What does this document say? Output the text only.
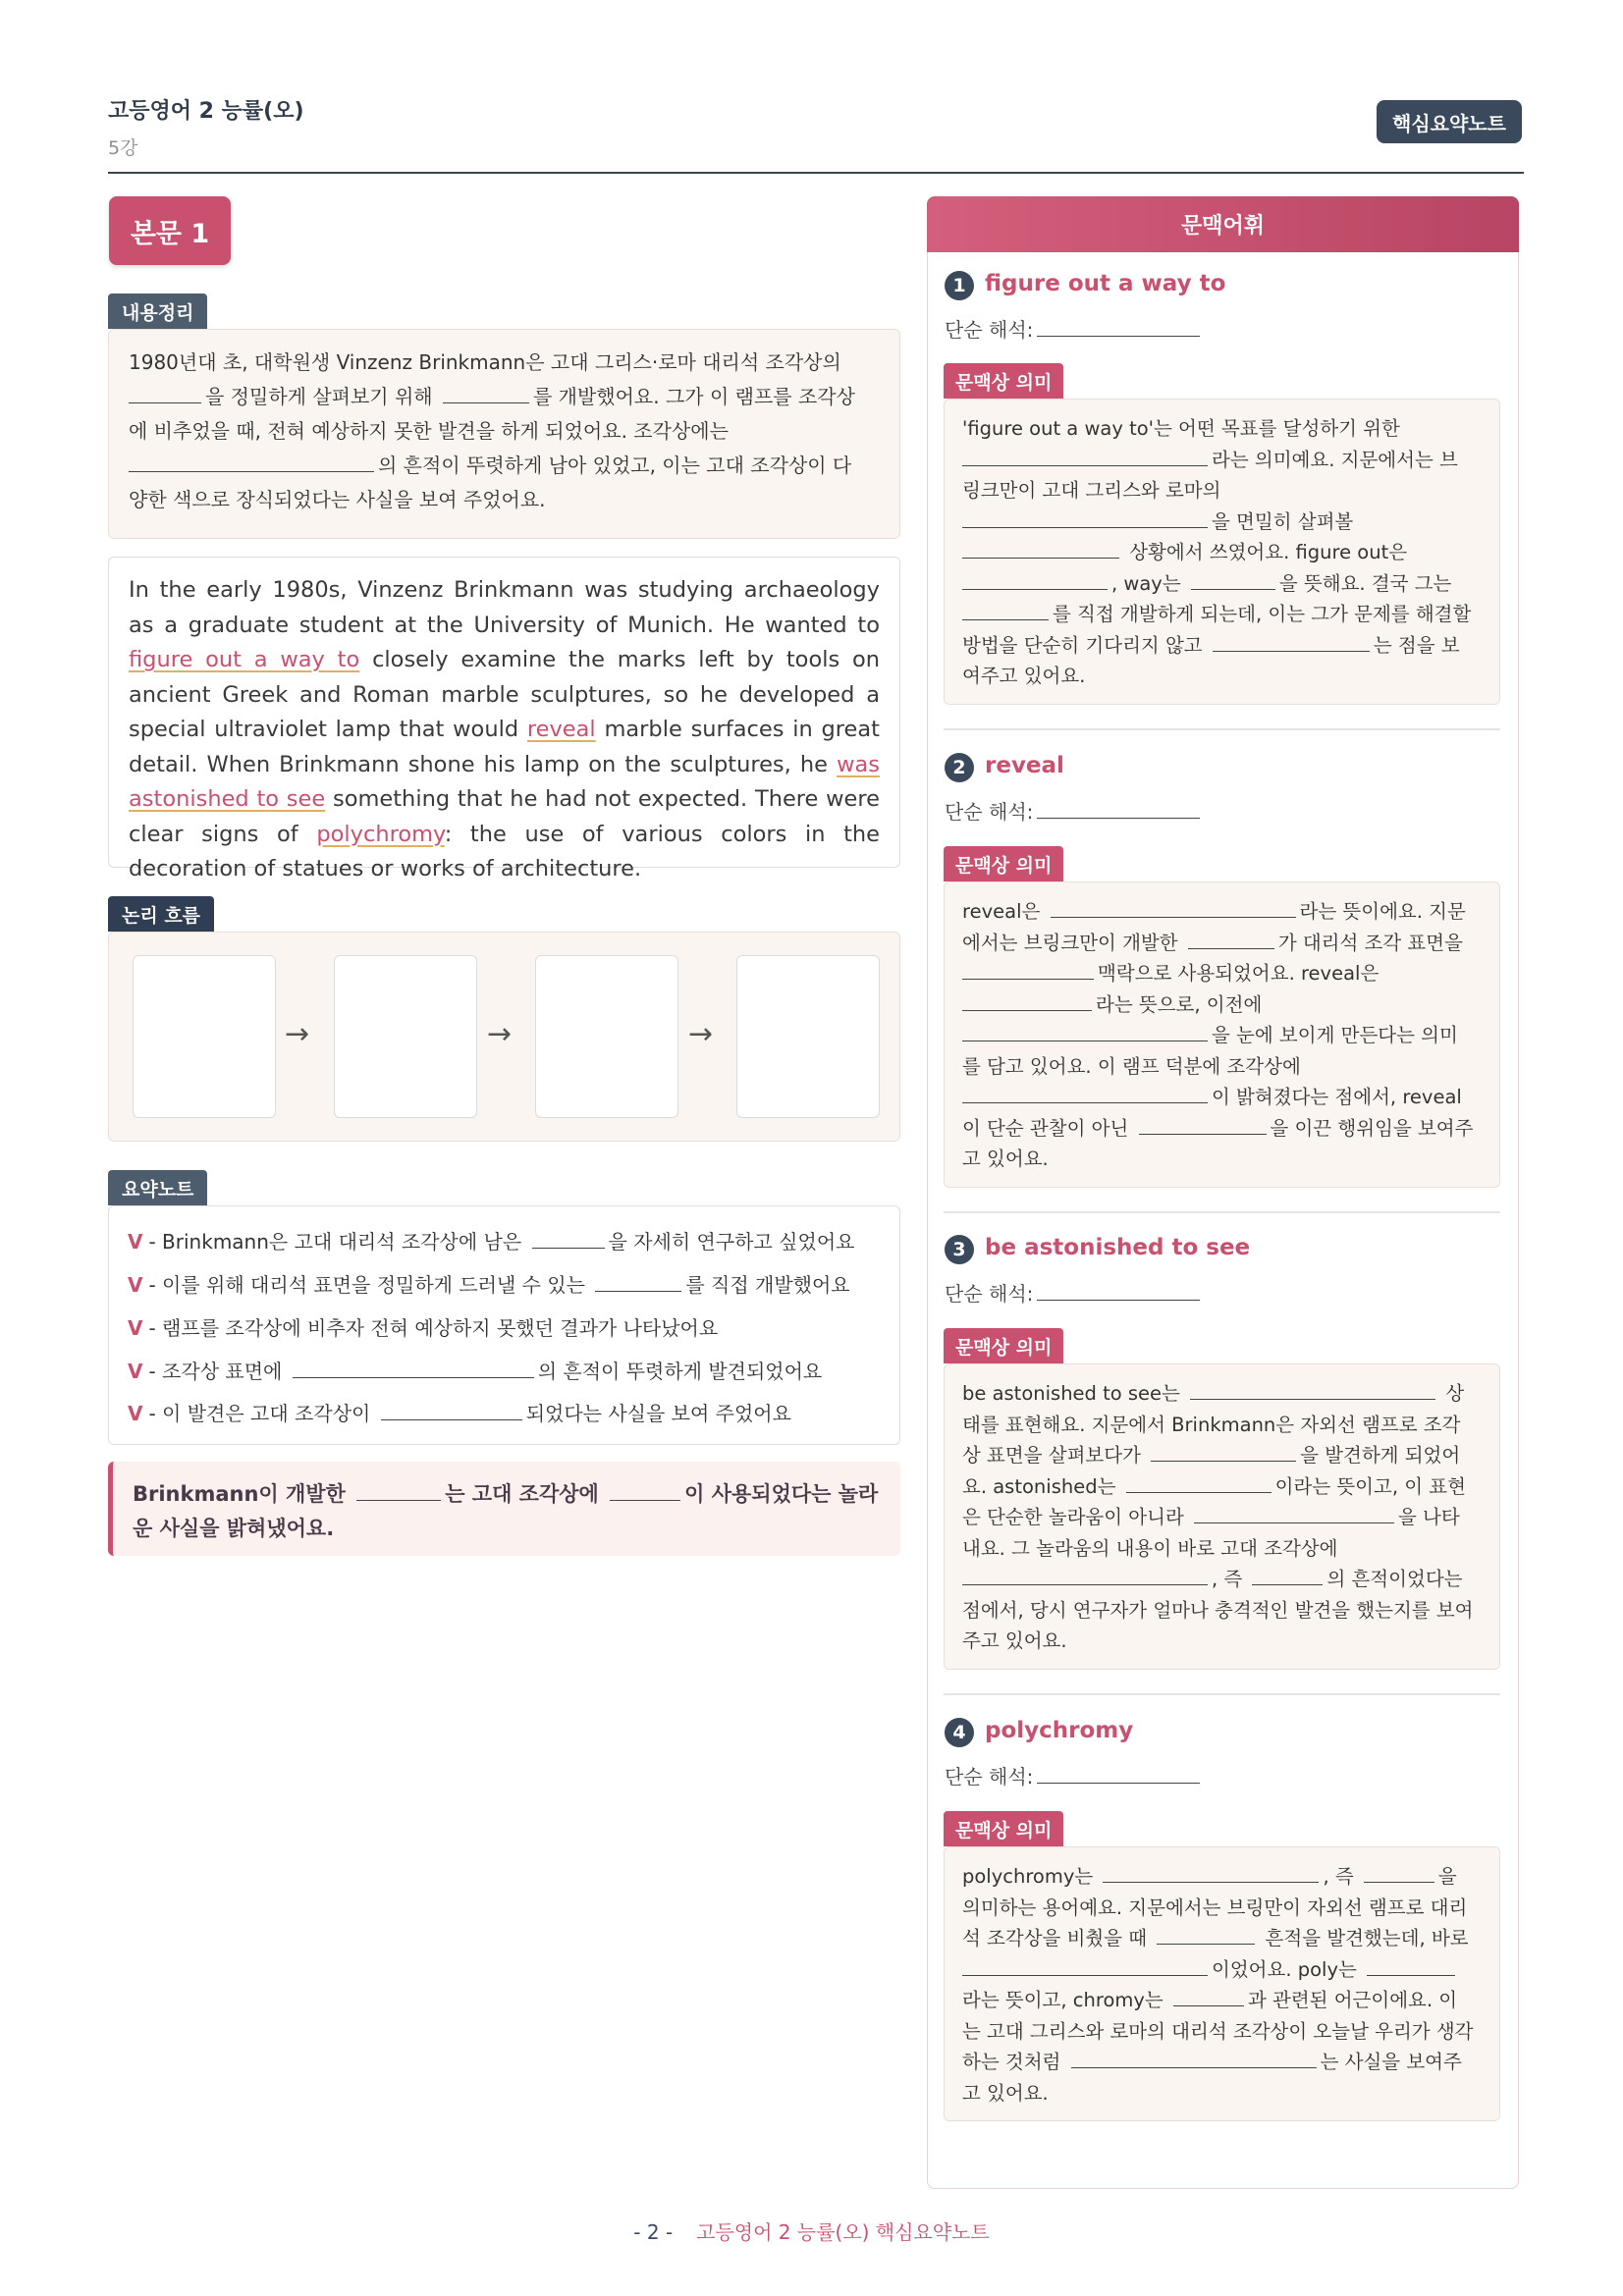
고등영어 2 능률(오)
5강
핵심요약노트
본문 1
내용정리
1980년대 초, 대학원생 Vinzenz Brinkmann은 고대 그리스·로마 대리석 조각상의
을 정밀하게 살펴보기 위해	를 개발했어요. 그가 이 램프를 조각상
에 비추었을 때, 전혀 예상하지 못한 발견을 하게 되었어요. 조각상에는
의 흔적이 뚜렷하게 남아 있었고, 이는 고대 조각상이 다
양한 색으로 장식되었다는 사실을 보여 주었어요.

In the early 1980s, Vinzenz Brinkmann was studying archaeology as a graduate student at the University of Munich. He wanted to figure out a way to closely examine the marks left by tools on ancient Greek and Roman marble sculptures, so he developed a special ultraviolet lamp that would reveal marble surfaces in great detail. When Brinkmann shone his lamp on the sculptures, he was astonished to see something that he had not expected. There were clear signs of polychromy: the use of various colors in the decoration of statues or works of architecture.

논리 흐름
→	→	→
요약노트
V - Brinkmann은 고대 대리석 조각상에 남은	을 자세히 연구하고 싶었어요
V - 이를 위해 대리석 표면을 정밀하게 드러낼 수 있는	를 직접 개발했어요
V - 램프를 조각상에 비추자 전혀 예상하지 못했던 결과가 나타났어요
V - 조각상 표면에	의 흔적이 뚜렷하게 발견되었어요
V - 이 발견은 고대 조각상이	되었다는 사실을 보여 주었어요
Brinkmann이 개발한	는 고대 조각상에	이 사용되었다는 놀라
운 사실을 밝혀냈어요.
문맥어휘
1 figure out a way to
단순 해석:
문맥상 의미
'figure out a way to'는 어떤 목표를 달성하기 위한
라는 의미예요. 지문에서는 브
링크만이 고대 그리스와 로마의
을 면밀히 살펴볼
상황에서 쓰였어요. figure out은
, way는	을 뜻해요. 결국 그는
를 직접 개발하게 되는데, 이는 그가 문제를 해결할
방법을 단순히 기다리지 않고	는 점을 보
여주고 있어요.
2 reveal
단순 해석:
문맥상 의미
reveal은	라는 뜻이에요. 지문
에서는 브링크만이 개발한	가 대리석 조각 표면을
맥락으로 사용되었어요. reveal은
라는 뜻으로, 이전에
을 눈에 보이게 만든다는 의미
를 담고 있어요. 이 램프 덕분에 조각상에
이 밝혀졌다는 점에서, reveal
이 단순 관찰이 아닌	을 이끈 행위임을 보여주
고 있어요.
3 be astonished to see
단순 해석:
문맥상 의미
be astonished to see는	상
태를 표현해요. 지문에서 Brinkmann은 자외선 램프로 조각
상 표면을 살펴보다가	을 발견하게 되었어
요. astonished는	이라는 뜻이고, 이 표현
은 단순한 놀라움이 아니라	을 나타
내요. 그 놀라움의 내용이 바로 고대 조각상에
, 즉	의 흔적이었다는
점에서, 당시 연구자가 얼마나 충격적인 발견을 했는지를 보여
주고 있어요.
4 polychromy
단순 해석:
문맥상 의미
polychromy는	, 즉	을
의미하는 용어예요. 지문에서는 브링만이 자외선 램프로 대리
석 조각상을 비췄을 때	흔적을 발견했는데, 바로
이었어요. poly는
라는 뜻이고, chromy는	과 관련된 어근이에요. 이
는 고대 그리스와 로마의 대리석 조각상이 오늘날 우리가 생각
하는 것처럼	는 사실을 보여주
고 있어요.
- 2 - 고등영어 2 능률(오) 핵심요약노트
